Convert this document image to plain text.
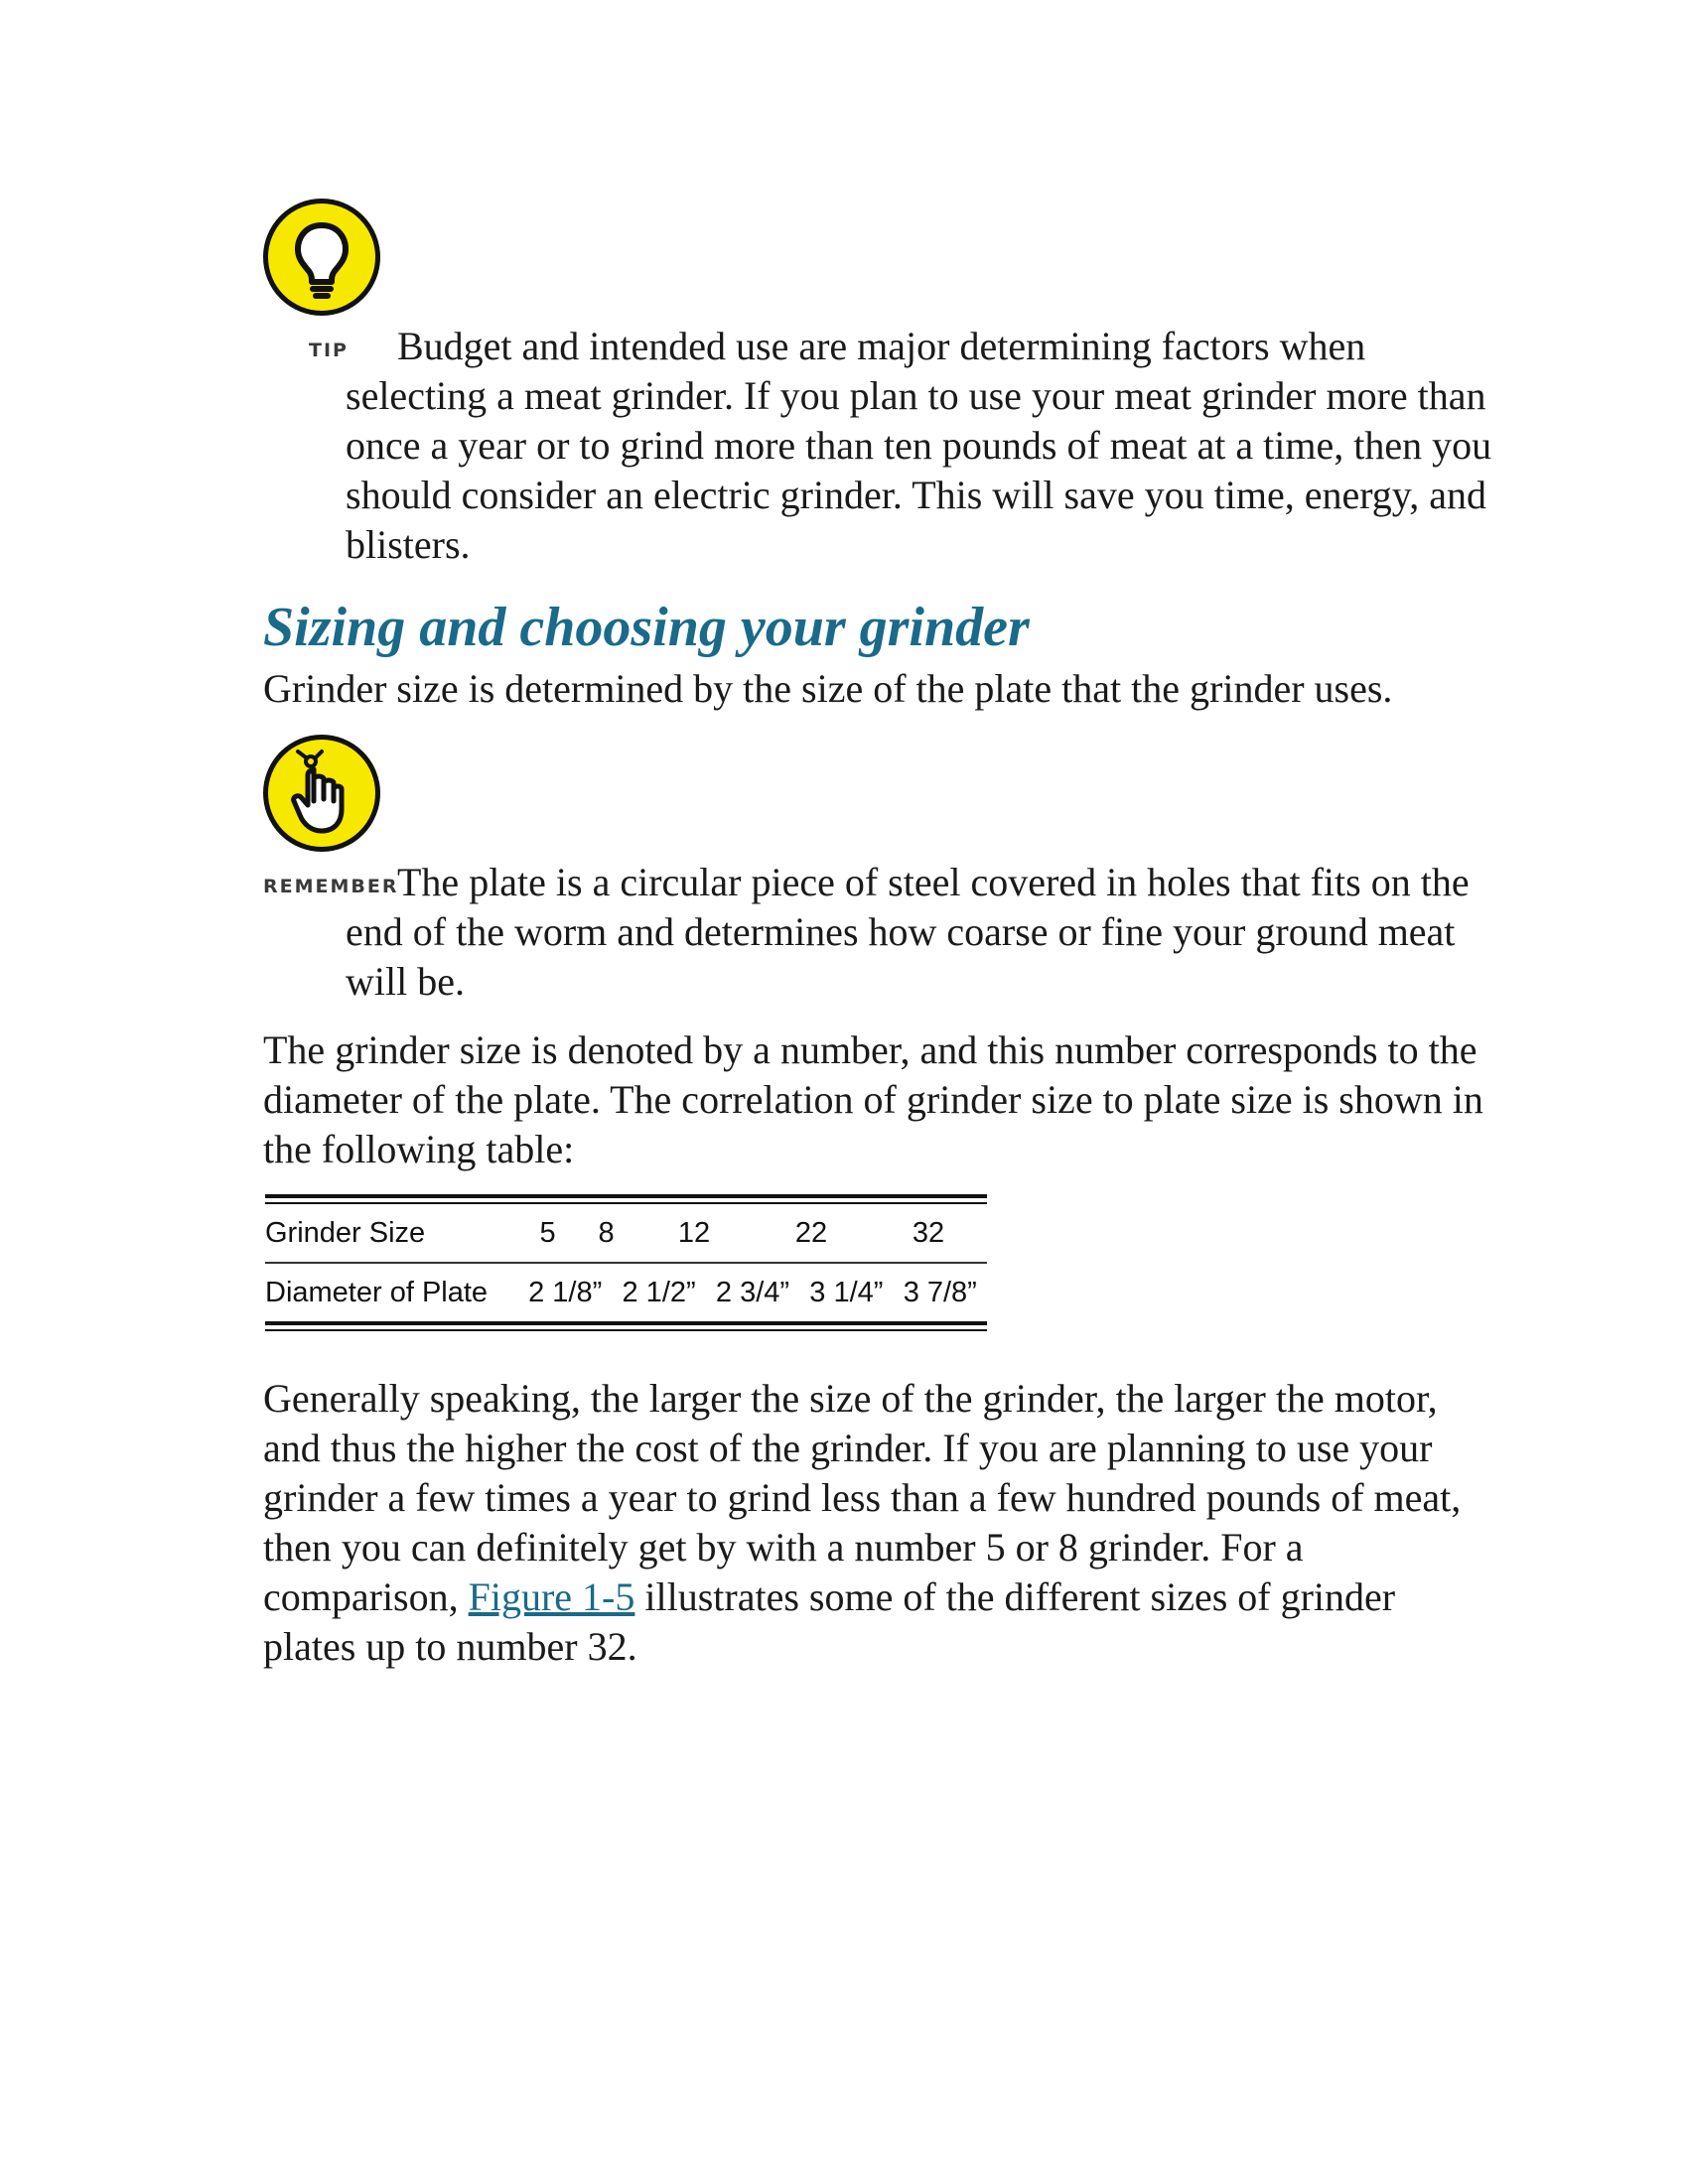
TIP	Budget and intended use are major determining factors when selecting a meat grinder. If you plan to use your meat grinder more than once a year or to grind more than ten pounds of meat at a time, then you should consider an electric grinder. This will save you time, energy, and blisters.

Sizing and choosing your grinder

Grinder size is determined by the size of the plate that the grinder uses.

REMEMBER

The plate is a circular piece of steel covered in holes that fits on the end of the worm and determines how coarse or fine your ground meat will be.

The grinder size is denoted by a number, and this number corresponds to the diameter of the plate. The correlation of grinder size to plate size is shown in the following table:

Grinder Size	5	8	12	22	32
Diameter of Plate	2 1/8”	2 1/2”	2 3/4”	3 1/4”	3 7/8”

Generally speaking, the larger the size of the grinder, the larger the motor, and thus the higher the cost of the grinder. If you are planning to use your grinder a few times a year to grind less than a few hundred pounds of meat, then you can definitely get by with a number 5 or 8 grinder. For a comparison, Figure 1-5 illustrates some of the different sizes of grinder plates up to number 32.
